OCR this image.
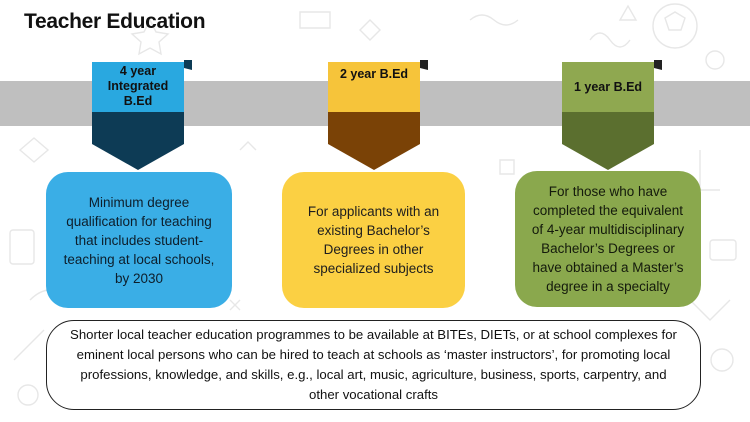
Teacher Education
4 year
Integrated
B.Ed
2 year B.Ed
1 year B.Ed
Minimum degree qualification for teaching that includes student-teaching at local schools, by 2030
For applicants with an existing Bachelor’s Degrees in other specialized subjects
For those who have completed the equivalent of 4-year multidisciplinary Bachelor’s Degrees or have obtained a Master’s degree in a specialty
Shorter local teacher education programmes to be available at BITEs, DIETs, or at school complexes for eminent local persons who can be hired to teach at schools as ‘master instructors’, for promoting local professions, knowledge, and skills, e.g., local art, music, agriculture, business, sports, carpentry, and other vocational crafts
